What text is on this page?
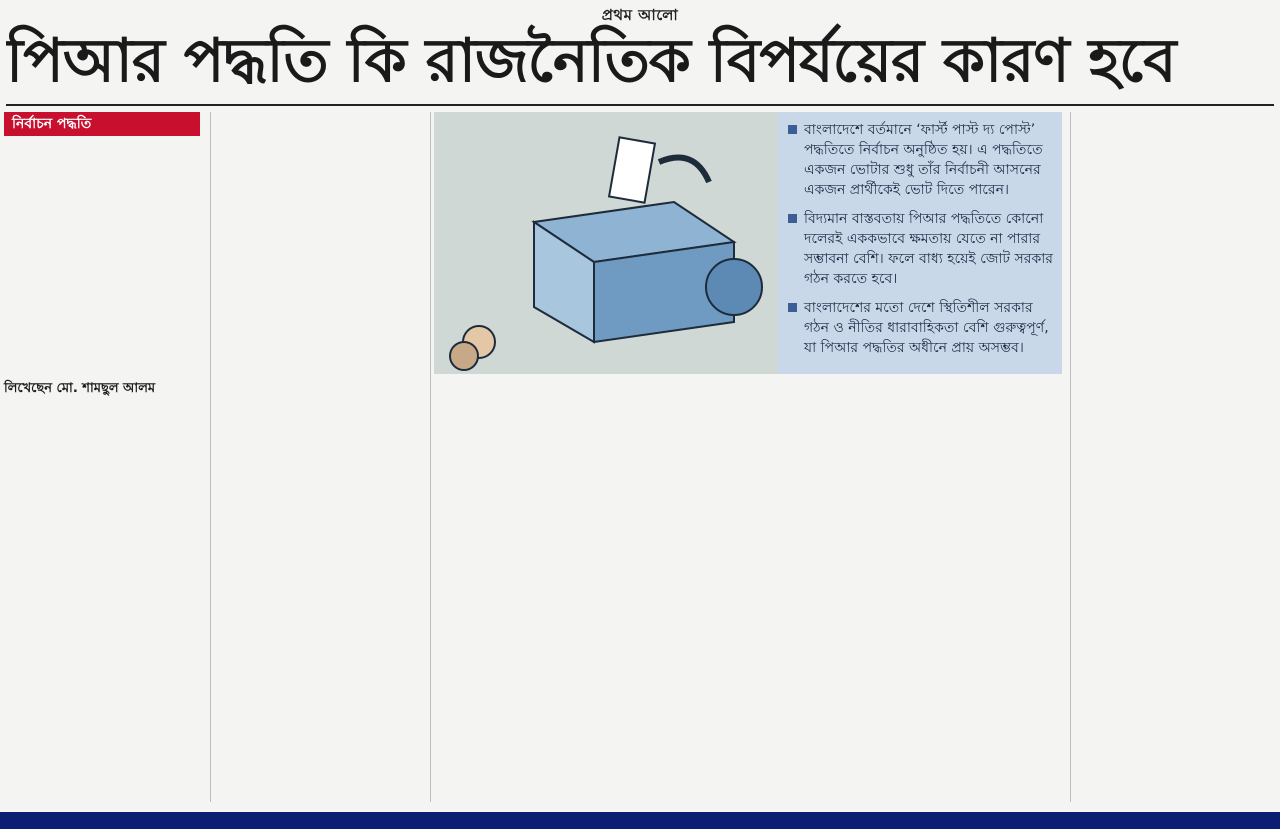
প্রথম আলো
পিআর পদ্ধতি কি রাজনৈতিক বিপর্যয়ের কারণ হবে
নির্বাচন পদ্ধতি
লিখেছেন মো. শামছুল আলম
বাংলাদেশে বর্তমানে ‘ফার্স্ট পাস্ট দ্য পোস্ট’ পদ্ধতিতে নির্বাচন অনুষ্ঠিত হয়। এ পদ্ধতিতে একজন ভোটার শুধু তাঁর নির্বাচনী আসনের একজন প্রার্থীকেই ভোট দিতে পারেন।
বিদ্যমান বাস্তবতায় পিআর পদ্ধতিতে কোনো দলেরই এককভাবে ক্ষমতায় যেতে না পারার সম্ভাবনা বেশি। ফলে বাধ্য হয়েই জোট সরকার গঠন করতে হবে।
বাংলাদেশের মতো দেশে স্থিতিশীল সরকার গঠন ও নীতির ধারাবাহিকতা বেশি গুরুত্বপূর্ণ, যা পিআর পদ্ধতির অধীনে প্রায় অসম্ভব।
